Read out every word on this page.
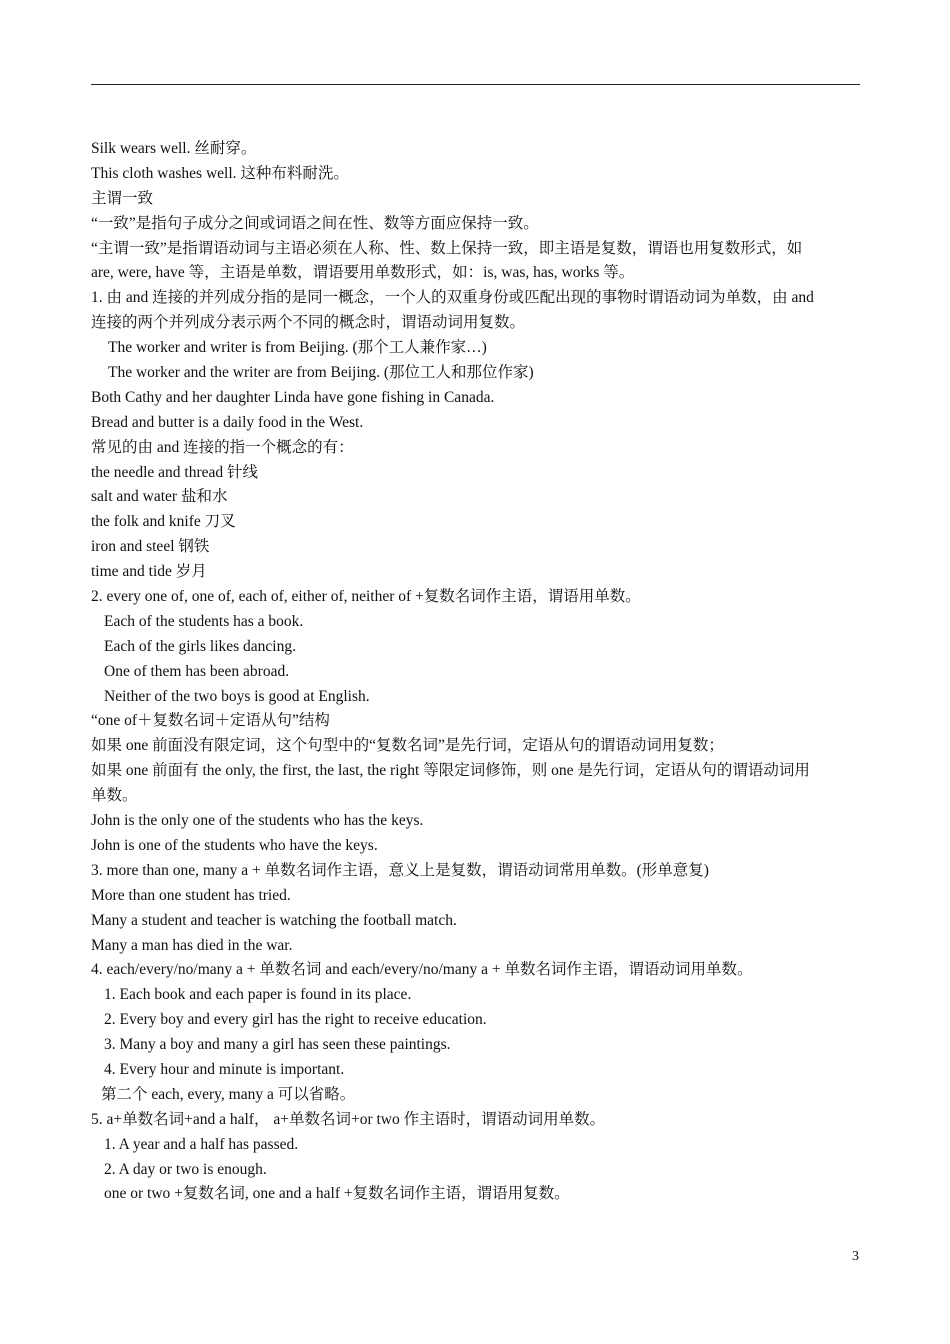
Silk wears well. 丝耐穿。
This cloth washes well. 这种布料耐洗。
主谓一致
“一致”是指句子成分之间或词语之间在性、数等方面应保持一致。
“主谓一致”是指谓语动词与主语必须在人称、性、数上保持一致，即主语是复数，谓语也用复数形式，如
are, were, have 等，主语是单数，谓语要用单数形式，如：is, was, has, works 等。
1. 由 and 连接的并列成分指的是同一概念，一个人的双重身份或匹配出现的事物时谓语动词为单数，由 and
连接的两个并列成分表示两个不同的概念时，谓语动词用复数。
The worker and writer is from Beijing. (那个工人兼作家…)
The worker and the writer are from Beijing. (那位工人和那位作家)
Both Cathy and her daughter Linda have gone fishing in Canada.
Bread and butter is a daily food in the West.
常见的由 and 连接的指一个概念的有：
the needle and thread 针线
salt and water 盐和水
the folk and knife 刀叉
iron and steel 钢铁
time and tide 岁月
2. every one of, one of, each of, either of, neither of +复数名词作主语，谓语用单数。
Each of the students has a book.
Each of the girls likes dancing.
One of them has been abroad.
Neither of the two boys is good at English.
“one of＋复数名词＋定语从句”结构
如果 one 前面没有限定词，这个句型中的“复数名词”是先行词，定语从句的谓语动词用复数；
如果 one 前面有 the only, the first, the last, the right 等限定词修饰，则 one 是先行词，定语从句的谓语动词用
单数。
John is the only one of the students who has the keys.
John is one of the students who have the keys.
3. more than one, many a + 单数名词作主语，意义上是复数，谓语动词常用单数。(形单意复)
More than one student has tried.
Many a student and teacher is watching the football match.
Many a man has died in the war.
4. each/every/no/many a + 单数名词 and each/every/no/many a + 单数名词作主语，谓语动词用单数。
1. Each book and each paper is found in its place.
2. Every boy and every girl has the right to receive education.
3. Many a boy and many a girl has seen these paintings.
4. Every hour and minute is important.
第二个 each, every, many a 可以省略。
5. a+单数名词+and a half， a+单数名词+or two 作主语时，谓语动词用单数。
1. A year and a half has passed.
2. A day or two is enough.
one or two +复数名词, one and a half +复数名词作主语，谓语用复数。
3
